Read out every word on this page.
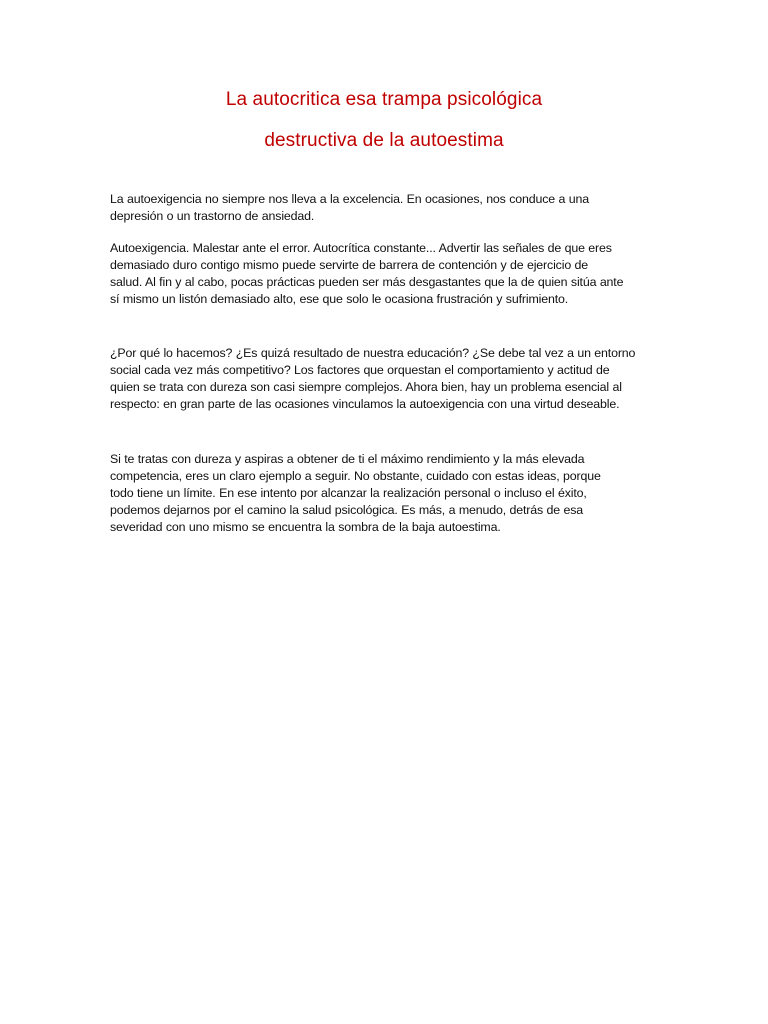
La autocritica esa trampa psicológica
destructiva de la autoestima

La autoexigencia no siempre nos lleva a la excelencia. En ocasiones, nos conduce a una
depresión o un trastorno de ansiedad.

Autoexigencia. Malestar ante el error. Autocrítica constante... Advertir las señales de que eres
demasiado duro contigo mismo puede servirte de barrera de contención y de ejercicio de
salud. Al fin y al cabo, pocas prácticas pueden ser más desgastantes que la de quien sitúa ante
sí mismo un listón demasiado alto, ese que solo le ocasiona frustración y sufrimiento.

¿Por qué lo hacemos? ¿Es quizá resultado de nuestra educación? ¿Se debe tal vez a un entorno
social cada vez más competitivo? Los factores que orquestan el comportamiento y actitud de
quien se trata con dureza son casi siempre complejos. Ahora bien, hay un problema esencial al
respecto: en gran parte de las ocasiones vinculamos la autoexigencia con una virtud deseable.

Si te tratas con dureza y aspiras a obtener de ti el máximo rendimiento y la más elevada
competencia, eres un claro ejemplo a seguir. No obstante, cuidado con estas ideas, porque
todo tiene un límite. En ese intento por alcanzar la realización personal o incluso el éxito,
podemos dejarnos por el camino la salud psicológica. Es más, a menudo, detrás de esa
severidad con uno mismo se encuentra la sombra de la baja autoestima.
